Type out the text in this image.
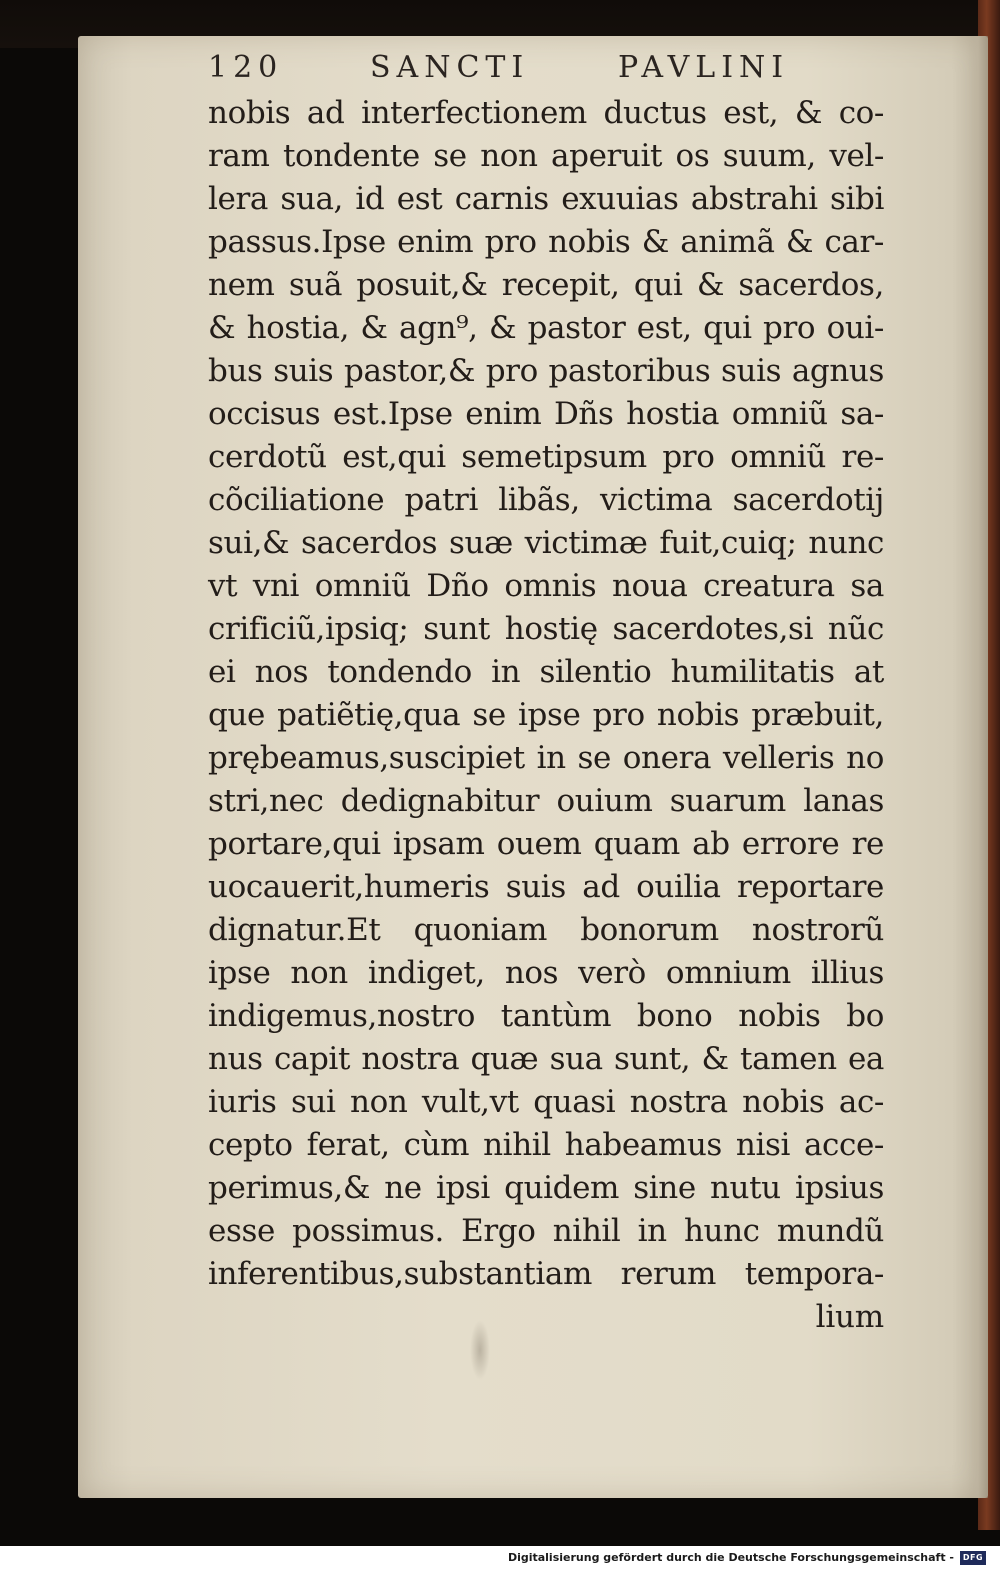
120	SANCTI	PAVLINI
nobis ad interfectionem ductus est, & co-
ram tondente se non aperuit os suum, vel-
lera sua, id est carnis exuuias abstrahi sibi
passus.Ipse enim pro nobis & animã & car-
nem suã posuit,& recepit, qui & sacerdos,
& hostia, & agn⁹, & pastor est, qui pro oui-
bus suis pastor,& pro pastoribus suis agnus
occisus est.Ipse enim Dñs hostia omniũ sa-
cerdotũ est,qui semetipsum pro omniũ re-
cõciliatione patri libãs, victima sacerdotij
sui,& sacerdos suæ victimæ fuit,cuiq; nunc
vt vni omniũ Dño omnis noua creatura sa
crificiũ,ipsiq; sunt hostię sacerdotes,si nũc
ei nos tondendo in silentio humilitatis at
que patiẽtię,qua se ipse pro nobis præbuit,
prębeamus,suscipiet in se onera velleris no
stri,nec dedignabitur ouium suarum lanas
portare,qui ipsam ouem quam ab errore re
uocauerit,humeris suis ad ouilia reportare
dignatur.Et quoniam bonorum nostrorũ
ipse non indiget, nos verò omnium illius
indigemus,nostro tantùm bono nobis bo
nus capit nostra quæ sua sunt, & tamen ea
iuris sui non vult,vt quasi nostra nobis ac-
cepto ferat, cùm nihil habeamus nisi acce-
perimus,& ne ipsi quidem sine nutu ipsius
esse possimus. Ergo nihil in hunc mundũ
inferentibus,substantiam rerum tempora-
lium
Digitalisierung gefördert durch die Deutsche Forschungsgemeinschaft -	DFG
